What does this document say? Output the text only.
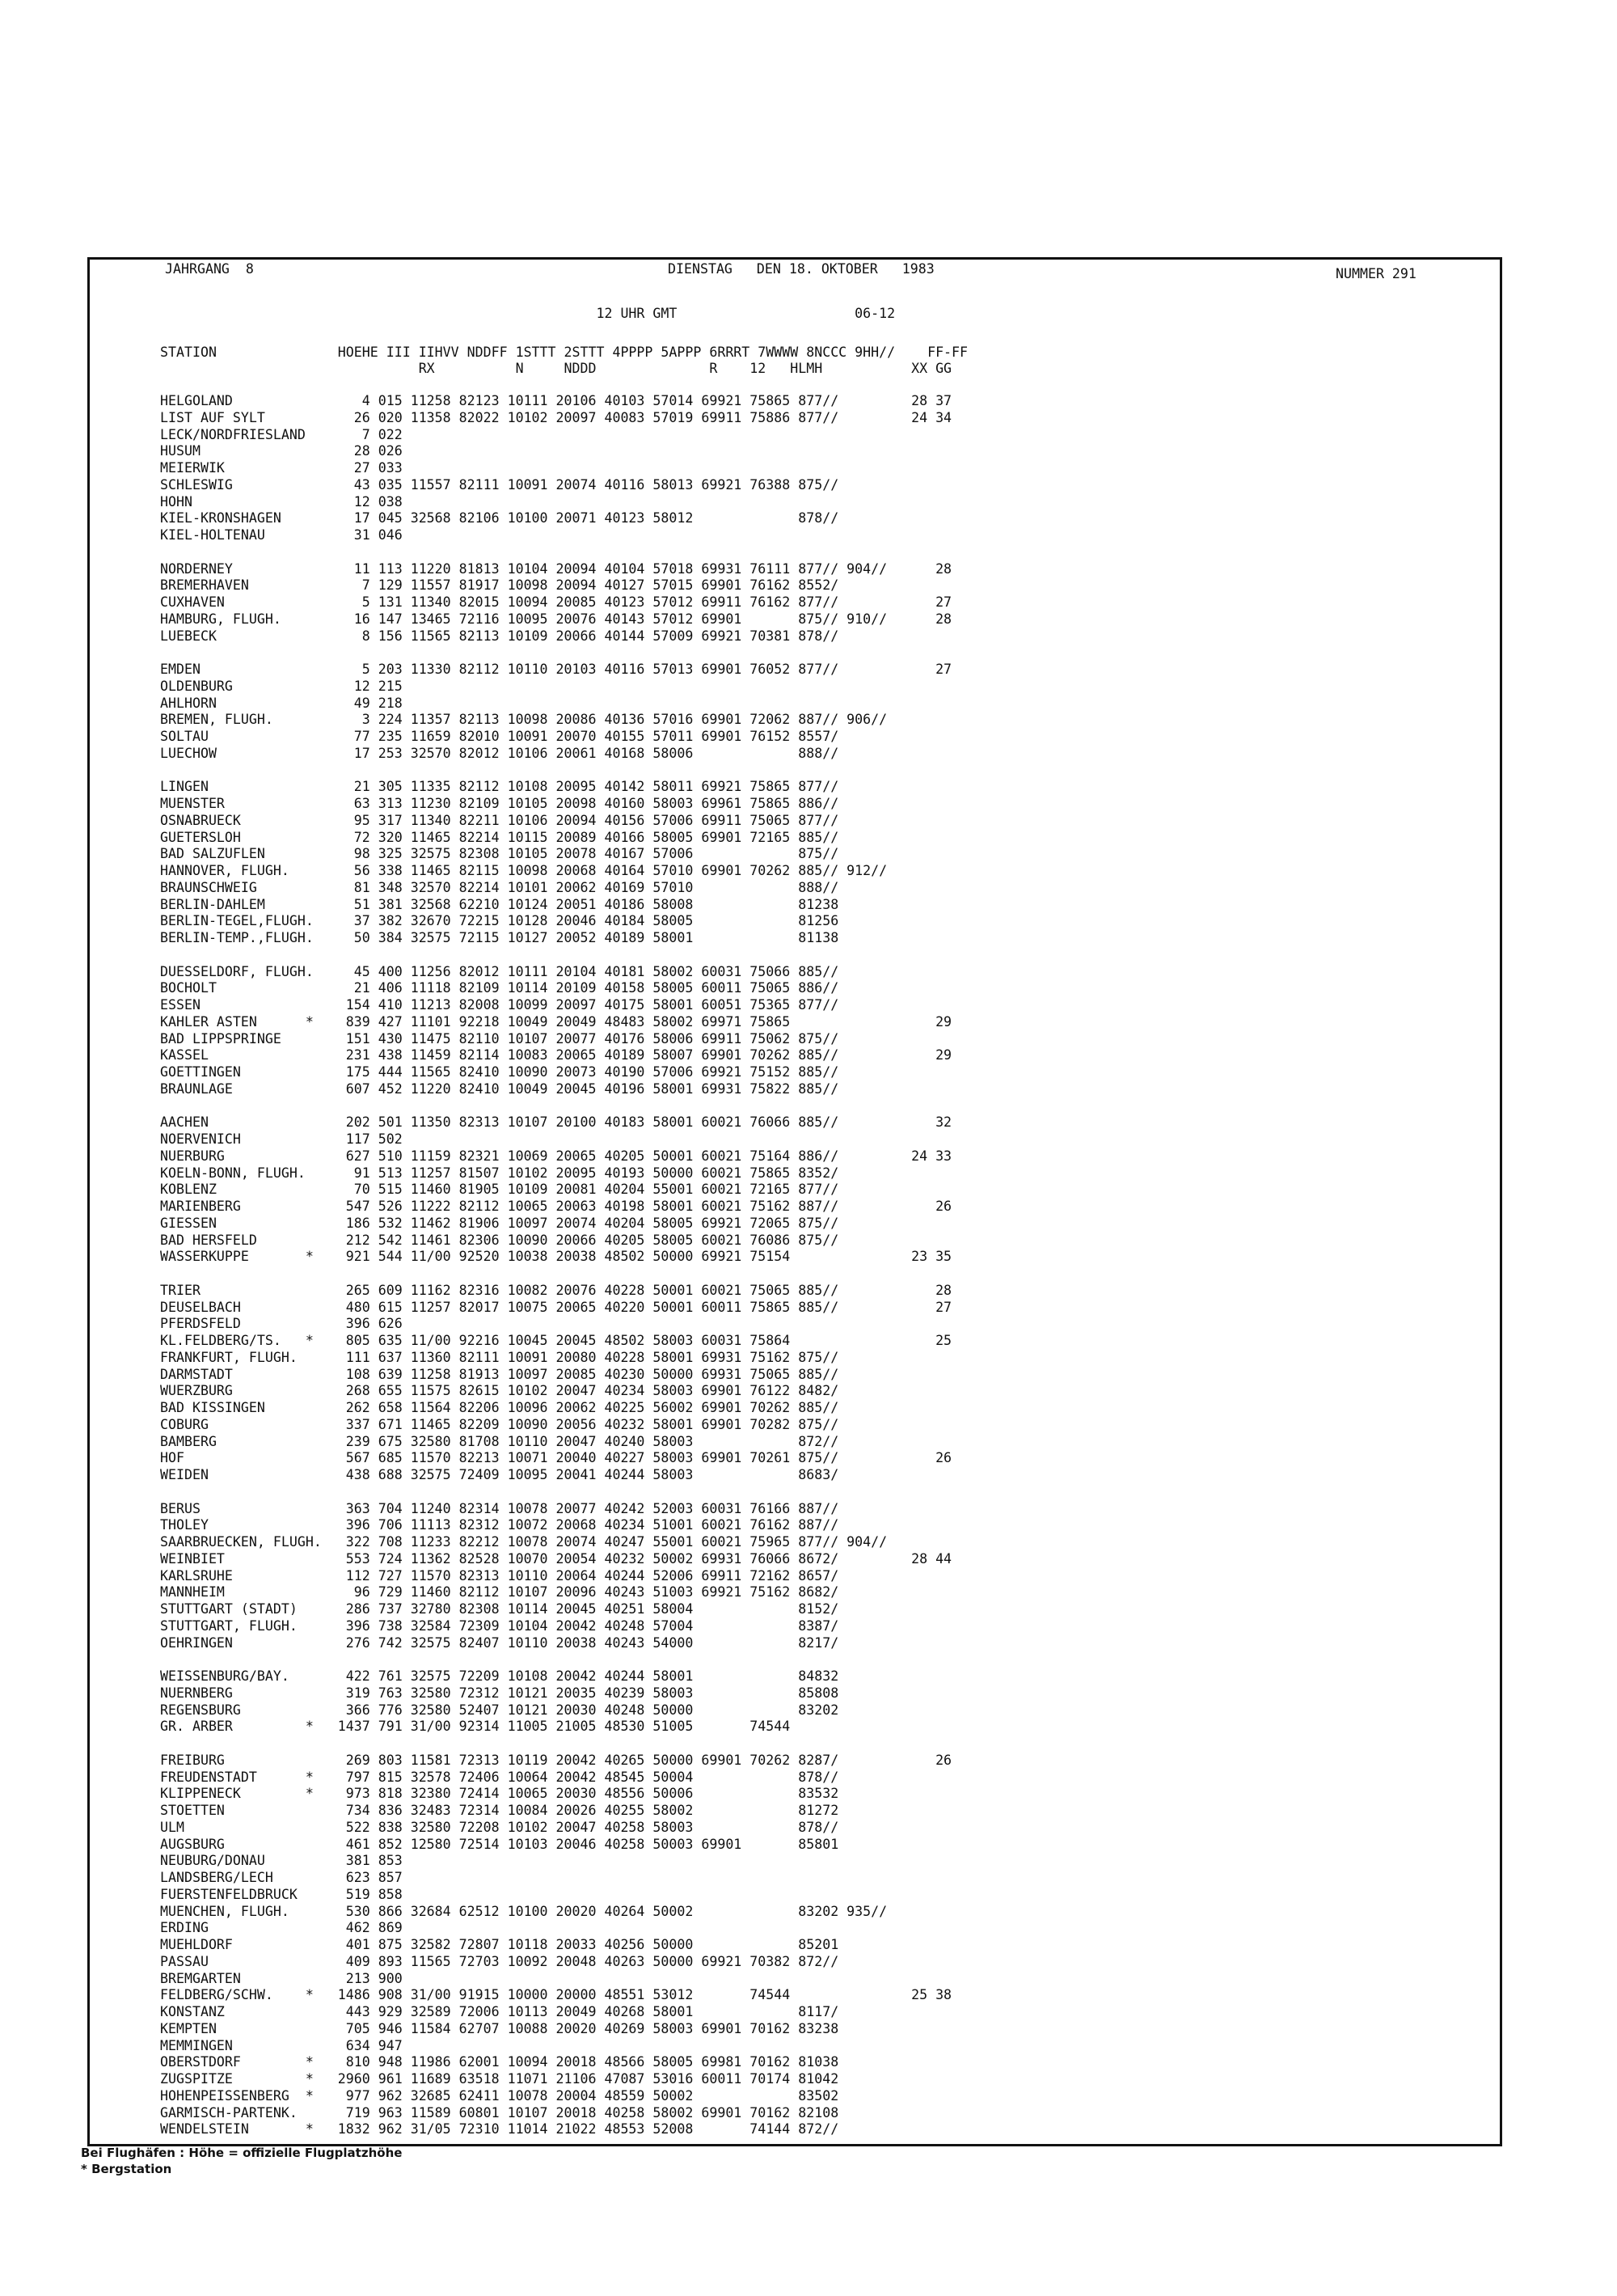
JAHRGANG  8	DIENSTAG   DEN 18. OKTOBER   1983	NUMMER 291

12 UHR GMT                      06-12

STATION               HOEHE III IIHVV NDDFF 1STTT 2STTT 4PPPP 5APPP 6RRRT 7WWWW 8NCCC 9HH//    FF-FF

RX          N     NDDD              R    12   HLMH           XX GG

HELGOLAND                4 015 11258 82123 10111 20106 40103 57014 69921 75865 877//         28 37
LIST AUF SYLT           26 020 11358 82022 10102 20097 40083 57019 69911 75886 877//         24 34
LECK/NORDFRIESLAND       7 022
HUSUM                   28 026
MEIERWIK                27 033
SCHLESWIG               43 035 11557 82111 10091 20074 40116 58013 69921 76388 875//
HOHN                    12 038
KIEL-KRONSHAGEN         17 045 32568 82106 10100 20071 40123 58012             878//
KIEL-HOLTENAU           31 046
NORDERNEY               11 113 11220 81813 10104 20094 40104 57018 69931 76111 877// 904//      28
BREMERHAVEN              7 129 11557 81917 10098 20094 40127 57015 69901 76162 8552/
CUXHAVEN                 5 131 11340 82015 10094 20085 40123 57012 69911 76162 877//            27
HAMBURG, FLUGH.         16 147 13465 72116 10095 20076 40143 57012 69901       875// 910//      28
LUEBECK                  8 156 11565 82113 10109 20066 40144 57009 69921 70381 878//
EMDEN                    5 203 11330 82112 10110 20103 40116 57013 69901 76052 877//            27
OLDENBURG               12 215
AHLHORN                 49 218
BREMEN, FLUGH.           3 224 11357 82113 10098 20086 40136 57016 69901 72062 887// 906//
SOLTAU                  77 235 11659 82010 10091 20070 40155 57011 69901 76152 8557/
LUECHOW                 17 253 32570 82012 10106 20061 40168 58006             888//
LINGEN                  21 305 11335 82112 10108 20095 40142 58011 69921 75865 877//
MUENSTER                63 313 11230 82109 10105 20098 40160 58003 69961 75865 886//
OSNABRUECK              95 317 11340 82211 10106 20094 40156 57006 69911 75065 877//
GUETERSLOH              72 320 11465 82214 10115 20089 40166 58005 69901 72165 885//
BAD SALZUFLEN           98 325 32575 82308 10105 20078 40167 57006             875//
HANNOVER, FLUGH.        56 338 11465 82115 10098 20068 40164 57010 69901 70262 885// 912//
BRAUNSCHWEIG            81 348 32570 82214 10101 20062 40169 57010             888//
BERLIN-DAHLEM           51 381 32568 62210 10124 20051 40186 58008             81238
BERLIN-TEGEL,FLUGH.     37 382 32670 72215 10128 20046 40184 58005             81256
BERLIN-TEMP.,FLUGH.     50 384 32575 72115 10127 20052 40189 58001             81138
DUESSELDORF, FLUGH.     45 400 11256 82012 10111 20104 40181 58002 60031 75066 885//
BOCHOLT                 21 406 11118 82109 10114 20109 40158 58005 60011 75065 886//
ESSEN                  154 410 11213 82008 10099 20097 40175 58001 60051 75365 877//
KAHLER ASTEN      *    839 427 11101 92218 10049 20049 48483 58002 69971 75865                  29
BAD LIPPSPRINGE        151 430 11475 82110 10107 20077 40176 58006 69911 75062 875//
KASSEL                 231 438 11459 82114 10083 20065 40189 58007 69901 70262 885//            29
GOETTINGEN             175 444 11565 82410 10090 20073 40190 57006 69921 75152 885//
BRAUNLAGE              607 452 11220 82410 10049 20045 40196 58001 69931 75822 885//
AACHEN                 202 501 11350 82313 10107 20100 40183 58001 60021 76066 885//            32
NOERVENICH             117 502
NUERBURG               627 510 11159 82321 10069 20065 40205 50001 60021 75164 886//         24 33
KOELN-BONN, FLUGH.      91 513 11257 81507 10102 20095 40193 50000 60021 75865 8352/
KOBLENZ                 70 515 11460 81905 10109 20081 40204 55001 60021 72165 877//
MARIENBERG             547 526 11222 82112 10065 20063 40198 58001 60021 75162 887//            26
GIESSEN                186 532 11462 81906 10097 20074 40204 58005 69921 72065 875//
BAD HERSFELD           212 542 11461 82306 10090 20066 40205 58005 60021 76086 875//
WASSERKUPPE       *    921 544 11/00 92520 10038 20038 48502 50000 69921 75154               23 35
TRIER                  265 609 11162 82316 10082 20076 40228 50001 60021 75065 885//            28
DEUSELBACH             480 615 11257 82017 10075 20065 40220 50001 60011 75865 885//            27
PFERDSFELD             396 626
KL.FELDBERG/TS.   *    805 635 11/00 92216 10045 20045 48502 58003 60031 75864                  25
FRANKFURT, FLUGH.      111 637 11360 82111 10091 20080 40228 58001 69931 75162 875//
DARMSTADT              108 639 11258 81913 10097 20085 40230 50000 69931 75065 885//
WUERZBURG              268 655 11575 82615 10102 20047 40234 58003 69901 76122 8482/
BAD KISSINGEN          262 658 11564 82206 10096 20062 40225 56002 69901 70262 885//
COBURG                 337 671 11465 82209 10090 20056 40232 58001 69901 70282 875//
BAMBERG                239 675 32580 81708 10110 20047 40240 58003             872//
HOF                    567 685 11570 82213 10071 20040 40227 58003 69901 70261 875//            26
WEIDEN                 438 688 32575 72409 10095 20041 40244 58003             8683/
BERUS                  363 704 11240 82314 10078 20077 40242 52003 60031 76166 887//
THOLEY                 396 706 11113 82312 10072 20068 40234 51001 60021 76162 887//
SAARBRUECKEN, FLUGH.   322 708 11233 82212 10078 20074 40247 55001 60021 75965 877// 904//
WEINBIET               553 724 11362 82528 10070 20054 40232 50002 69931 76066 8672/         28 44
KARLSRUHE              112 727 11570 82313 10110 20064 40244 52006 69911 72162 8657/
MANNHEIM                96 729 11460 82112 10107 20096 40243 51003 69921 75162 8682/
STUTTGART (STADT)      286 737 32780 82308 10114 20045 40251 58004             8152/
STUTTGART, FLUGH.      396 738 32584 72309 10104 20042 40248 57004             8387/
OEHRINGEN              276 742 32575 82407 10110 20038 40243 54000             8217/
WEISSENBURG/BAY.       422 761 32575 72209 10108 20042 40244 58001             84832
NUERNBERG              319 763 32580 72312 10121 20035 40239 58003             85808
REGENSBURG             366 776 32580 52407 10121 20030 40248 50000             83202
GR. ARBER         *   1437 791 31/00 92314 11005 21005 48530 51005       74544
FREIBURG               269 803 11581 72313 10119 20042 40265 50000 69901 70262 8287/            26
FREUDENSTADT      *    797 815 32578 72406 10064 20042 48545 50004             878//
KLIPPENECK        *    973 818 32380 72414 10065 20030 48556 50006             83532
STOETTEN               734 836 32483 72314 10084 20026 40255 58002             81272
ULM                    522 838 32580 72208 10102 20047 40258 58003             878//
AUGSBURG               461 852 12580 72514 10103 20046 40258 50003 69901       85801
NEUBURG/DONAU          381 853
LANDSBERG/LECH         623 857
FUERSTENFELDBRUCK      519 858
MUENCHEN, FLUGH.       530 866 32684 62512 10100 20020 40264 50002             83202 935//
ERDING                 462 869
MUEHLDORF              401 875 32582 72807 10118 20033 40256 50000             85201
PASSAU                 409 893 11565 72703 10092 20048 40263 50000 69921 70382 872//
BREMGARTEN             213 900
FELDBERG/SCHW.    *   1486 908 31/00 91915 10000 20000 48551 53012       74544               25 38
KONSTANZ               443 929 32589 72006 10113 20049 40268 58001             8117/
KEMPTEN                705 946 11584 62707 10088 20020 40269 58003 69901 70162 83238
MEMMINGEN              634 947
OBERSTDORF        *    810 948 11986 62001 10094 20018 48566 58005 69981 70162 81038
ZUGSPITZE         *   2960 961 11689 63518 11071 21106 47087 53016 60011 70174 81042
HOHENPEISSENBERG  *    977 962 32685 62411 10078 20004 48559 50002             83502
GARMISCH-PARTENK.      719 963 11589 60801 10107 20018 40258 58002 69901 70162 82108
WENDELSTEIN       *   1832 962 31/05 72310 11014 21022 48553 52008       74144 872//

Bei Flughäfen : Höhe = offizielle Flugplatzhöhe
* Bergstation
